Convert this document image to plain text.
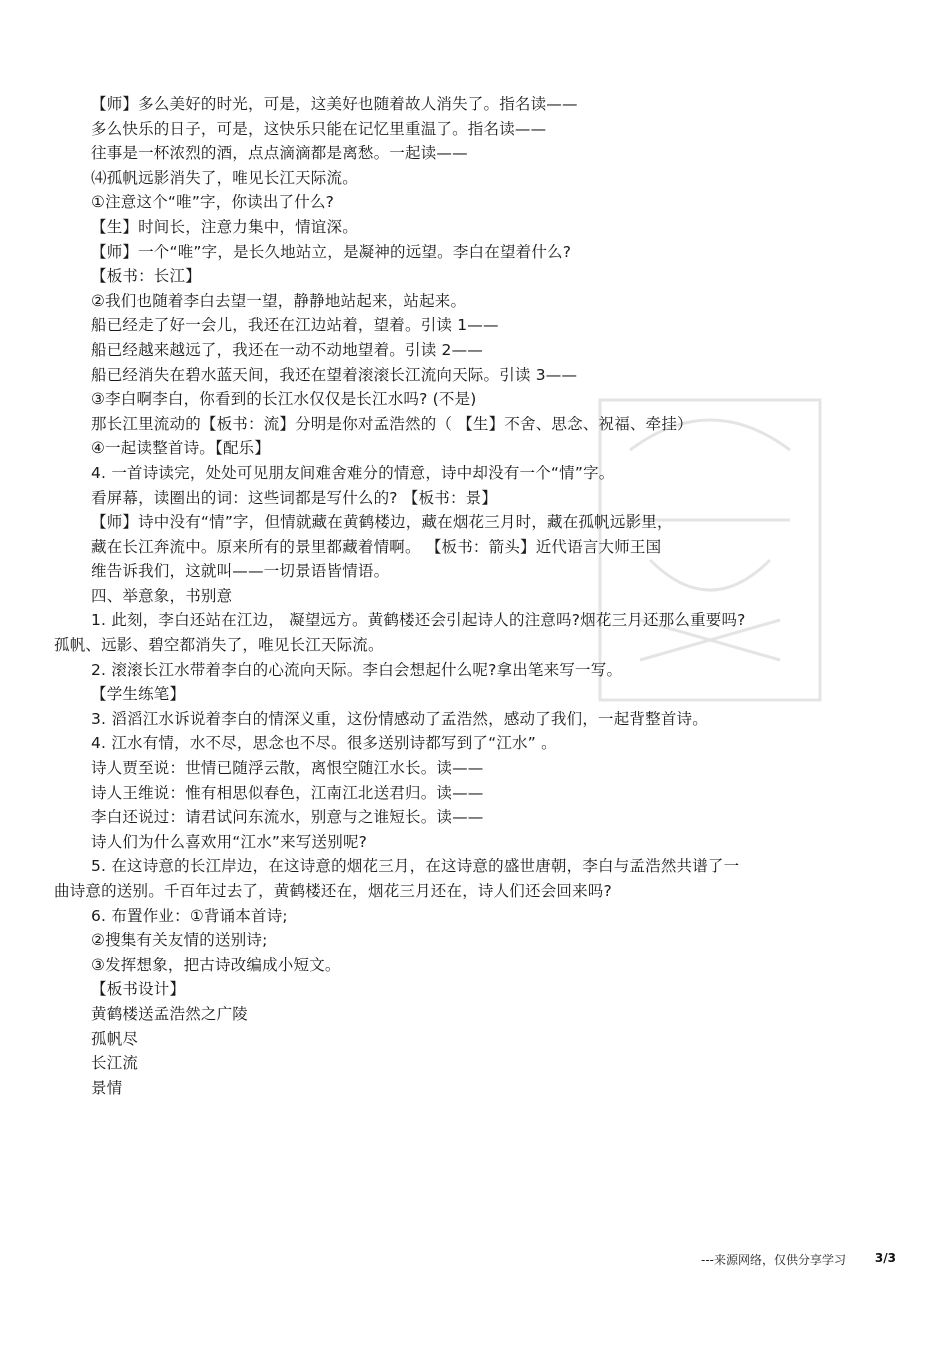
【师】多么美好的时光，可是，这美好也随着故人消失了。指名读——
多么快乐的日子，可是，这快乐只能在记忆里重温了。指名读——
往事是一杯浓烈的酒，点点滴滴都是离愁。一起读——
⑷孤帆远影消失了，唯见长江天际流。
①注意这个“唯”字，你读出了什么?
【生】时间长，注意力集中，情谊深。
【师】一个“唯”字，是长久地站立，是凝神的远望。李白在望着什么?
【板书：长江】
②我们也随着李白去望一望，静静地站起来，站起来。
船已经走了好一会儿，我还在江边站着，望着。引读 1——
船已经越来越远了，我还在一动不动地望着。引读 2——
船已经消失在碧水蓝天间，我还在望着滚滚长江流向天际。引读 3——
③李白啊李白，你看到的长江水仅仅是长江水吗? (不是)
那长江里流动的【板书：流】分明是你对孟浩然的（ 【生】不舍、思念、祝福、牵挂）
④一起读整首诗。【配乐】
4. 一首诗读完，处处可见朋友间难舍难分的情意，诗中却没有一个“情”字。
看屏幕，读圈出的词：这些词都是写什么的? 【板书：景】
【师】诗中没有“情”字，但情就藏在黄鹤楼边，藏在烟花三月时，藏在孤帆远影里，
藏在长江奔流中。原来所有的景里都藏着情啊。 【板书：箭头】近代语言大师王国
维告诉我们，这就叫——一切景语皆情语。
四、举意象，书别意
1. 此刻，李白还站在江边， 凝望远方。黄鹤楼还会引起诗人的注意吗?烟花三月还那么重要吗?
孤帆、远影、碧空都消失了，唯见长江天际流。
2. 滚滚长江水带着李白的心流向天际。李白会想起什么呢?拿出笔来写一写。
【学生练笔】
3. 滔滔江水诉说着李白的情深义重，这份情感动了孟浩然，感动了我们，一起背整首诗。
4. 江水有情，水不尽，思念也不尽。很多送别诗都写到了“江水” 。
诗人贾至说：世情已随浮云散，离恨空随江水长。读——
诗人王维说：惟有相思似春色，江南江北送君归。读——
李白还说过：请君试问东流水，别意与之谁短长。读——
诗人们为什么喜欢用“江水”来写送别呢?
5. 在这诗意的长江岸边，在这诗意的烟花三月，在这诗意的盛世唐朝，李白与孟浩然共谱了一
曲诗意的送别。千百年过去了，黄鹤楼还在，烟花三月还在，诗人们还会回来吗?
6. 布置作业：①背诵本首诗;
②搜集有关友情的送别诗;
③发挥想象，把古诗改编成小短文。
【板书设计】
黄鹤楼送孟浩然之广陵
孤帆尽
长江流
景情
---来源网络，仅供分享学习 3/3
